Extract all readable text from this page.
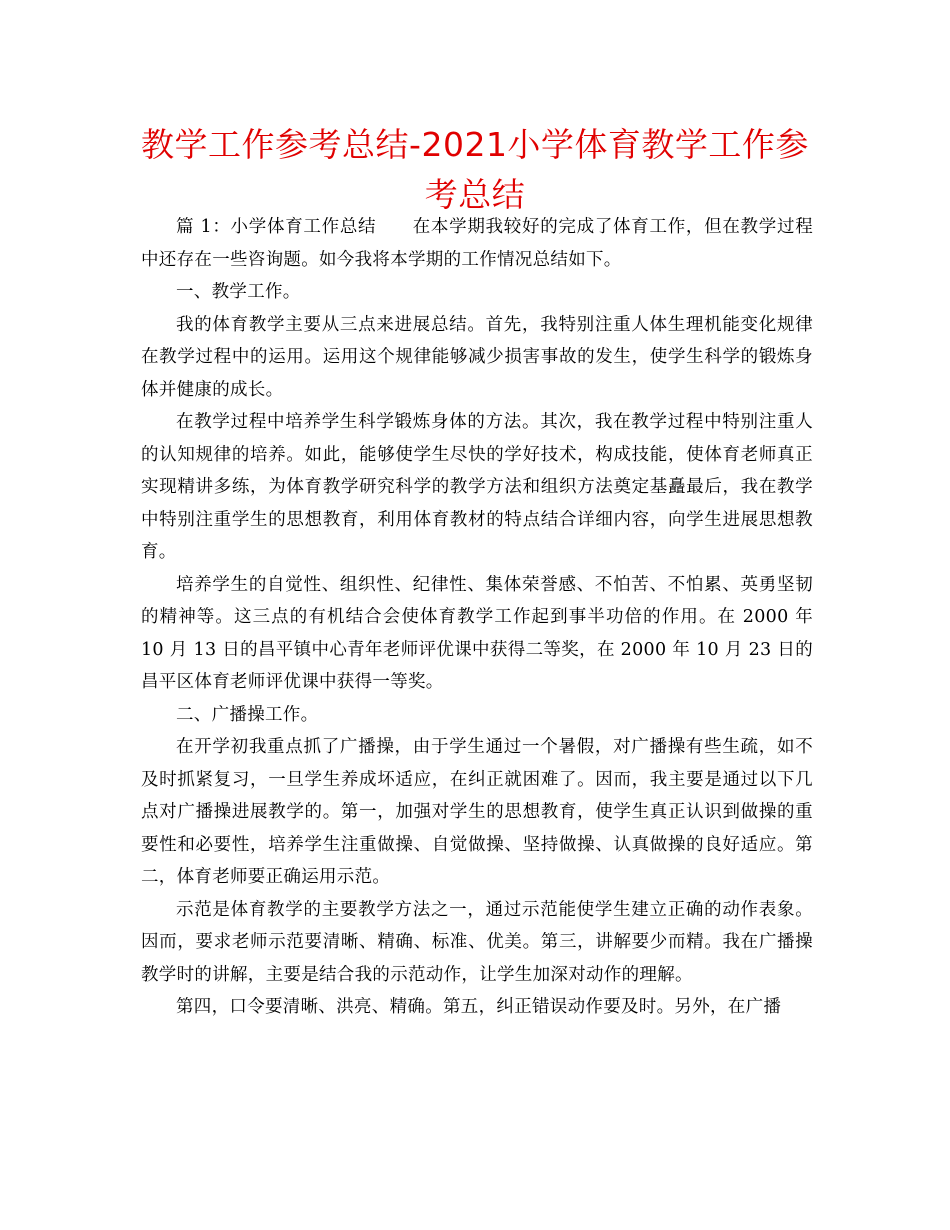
教学工作参考总结-2021小学体育教学工作参考总结

篇 1：小学体育工作总结　　在本学期我较好的完成了体育工作，但在教学过程中还存在一些咨询题。如今我将本学期的工作情况总结如下。

一、教学工作。

我的体育教学主要从三点来进展总结。首先，我特别注重人体生理机能变化规律在教学过程中的运用。运用这个规律能够减少损害事故的发生，使学生科学的锻炼身体并健康的成长。

在教学过程中培养学生科学锻炼身体的方法。其次，我在教学过程中特别注重人的认知规律的培养。如此，能够使学生尽快的学好技术，构成技能，使体育老师真正实现精讲多练，为体育教学研究科学的教学方法和组织方法奠定基矗最后，我在教学中特别注重学生的思想教育，利用体育教材的特点结合详细内容，向学生进展思想教育。

培养学生的自觉性、组织性、纪律性、集体荣誉感、不怕苦、不怕累、英勇坚韧的精神等。这三点的有机结合会使体育教学工作起到事半功倍的作用。在 2000 年 10 月 13 日的昌平镇中心青年老师评优课中获得二等奖，在 2000 年 10 月 23 日的昌平区体育老师评优课中获得一等奖。

二、广播操工作。

在开学初我重点抓了广播操，由于学生通过一个暑假，对广播操有些生疏，如不及时抓紧复习，一旦学生养成坏适应，在纠正就困难了。因而，我主要是通过以下几点对广播操进展教学的。第一，加强对学生的思想教育，使学生真正认识到做操的重要性和必要性，培养学生注重做操、自觉做操、坚持做操、认真做操的良好适应。第二，体育老师要正确运用示范。

示范是体育教学的主要教学方法之一，通过示范能使学生建立正确的动作表象。因而，要求老师示范要清晰、精确、标准、优美。第三，讲解要少而精。我在广播操教学时的讲解，主要是结合我的示范动作，让学生加深对动作的理解。

第四，口令要清晰、洪亮、精确。第五，纠正错误动作要及时。另外，在广播
